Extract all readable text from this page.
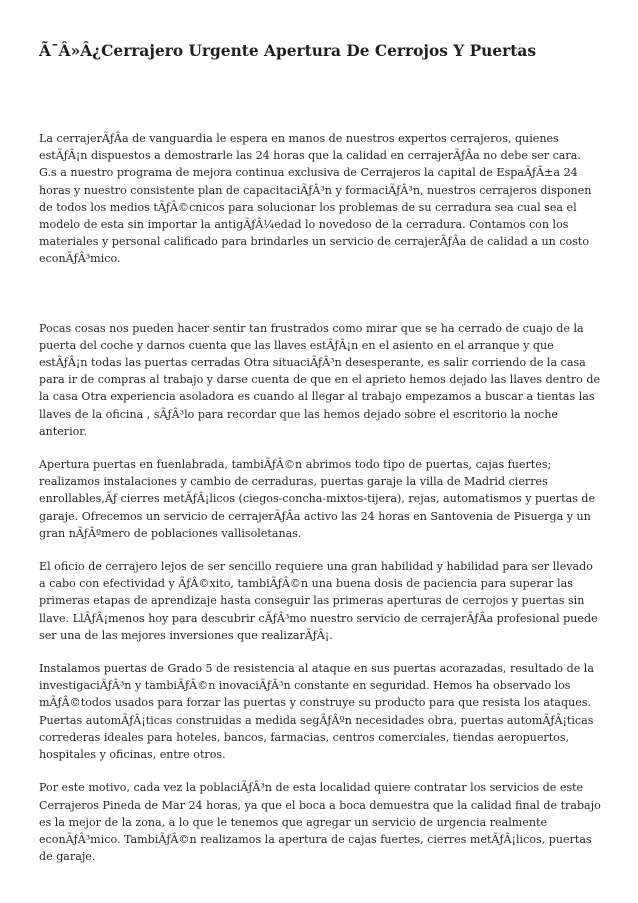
Ã¯Â»Â¿Cerrajero Urgente Apertura De Cerrojos Y Puertas

La cerrajerÃƒÂa de vanguardia le espera en manos de nuestros expertos cerrajeros, quienes estÃƒÂ¡n dispuestos a demostrarle las 24 horas que la calidad en cerrajerÃƒÂa no debe ser cara. G.s a nuestro programa de mejora continua exclusiva de Cerrajeros la capital de EspaÃƒÂ±a 24 horas y nuestro consistente plan de capacitaciÃƒÂ³n y formaciÃƒÂ³n, nuestros cerrajeros disponen de todos los medios tÃƒÂ©cnicos para solucionar los problemas de su cerradura sea cual sea el modelo de esta sin importar la antigÃƒÂ¼edad lo novedoso de la cerradura. Contamos con los materiales y personal calificado para brindarles un servicio de cerrajerÃƒÂa de calidad a un costo econÃƒÂ³mico.

Pocas cosas nos pueden hacer sentir tan frustrados como mirar que se ha cerrado de cuajo de la puerta del coche y darnos cuenta que las llaves estÃƒÂ¡n en el asiento en el arranque y que estÃƒÂ¡n todas las puertas cerradas Otra situaciÃƒÂ³n desesperante, es salir corriendo de la casa para ir de compras al trabajo y darse cuenta de que en el aprieto hemos dejado las llaves dentro de la casa Otra experiencia asoladora es cuando al llegar al trabajo empezamos a buscar a tientas las llaves de la oficina , sÃƒÂ³lo para recordar que las hemos dejado sobre el escritorio la noche anterior.

Apertura puertas en fuenlabrada, tambiÃƒÂ©n abrimos todo tipo de puertas, cajas fuertes; realizamos instalaciones y cambio de cerraduras, puertas garaje la villa de Madrid cierres enrollables,Ãƒ cierres metÃƒÂ¡licos (ciegos-concha-mixtos-tijera), rejas, automatismos y puertas de garaje. Ofrecemos un servicio de cerrajerÃƒÂa activo las 24 horas en Santovenia de Pisuerga y un gran nÃƒÂºmero de poblaciones vallisoletanas.

El oficio de cerrajero lejos de ser sencillo requiere una gran habilidad y habilidad para ser llevado a cabo con efectividad y ÃƒÂ©xito, tambiÃƒÂ©n una buena dosis de paciencia para superar las primeras etapas de aprendizaje hasta conseguir las primeras aperturas de cerrojos y puertas sin llave. LlÃƒÂ¡menos hoy para descubrir cÃƒÂ³mo nuestro servicio de cerrajerÃƒÂa profesional puede ser una de las mejores inversiones que realizarÃƒÂ¡.

Instalamos puertas de Grado 5 de resistencia al ataque en sus puertas acorazadas, resultado de la investigaciÃƒÂ³n y tambiÃƒÂ©n inovaciÃƒÂ³n constante en seguridad. Hemos ha observado los mÃƒÂ©todos usados para forzar las puertas y construye su producto para que resista los ataques. Puertas automÃƒÂ¡ticas construidas a medida segÃƒÂºn necesidades obra, puertas automÃƒÂ¡ticas correderas ideales para hoteles, bancos, farmacias, centros comerciales, tiendas aeropuertos, hospitales y oficinas, entre otros.

Por este motivo, cada vez la poblaciÃƒÂ³n de esta localidad quiere contratar los servicios de este Cerrajeros Pineda de Mar 24 horas, ya que el boca a boca demuestra que la calidad final de trabajo es la mejor de la zona, a lo que le tenemos que agregar un servicio de urgencia realmente econÃƒÂ³mico. TambiÃƒÂ©n realizamos la apertura de cajas fuertes, cierres metÃƒÂ¡licos, puertas de garaje.
